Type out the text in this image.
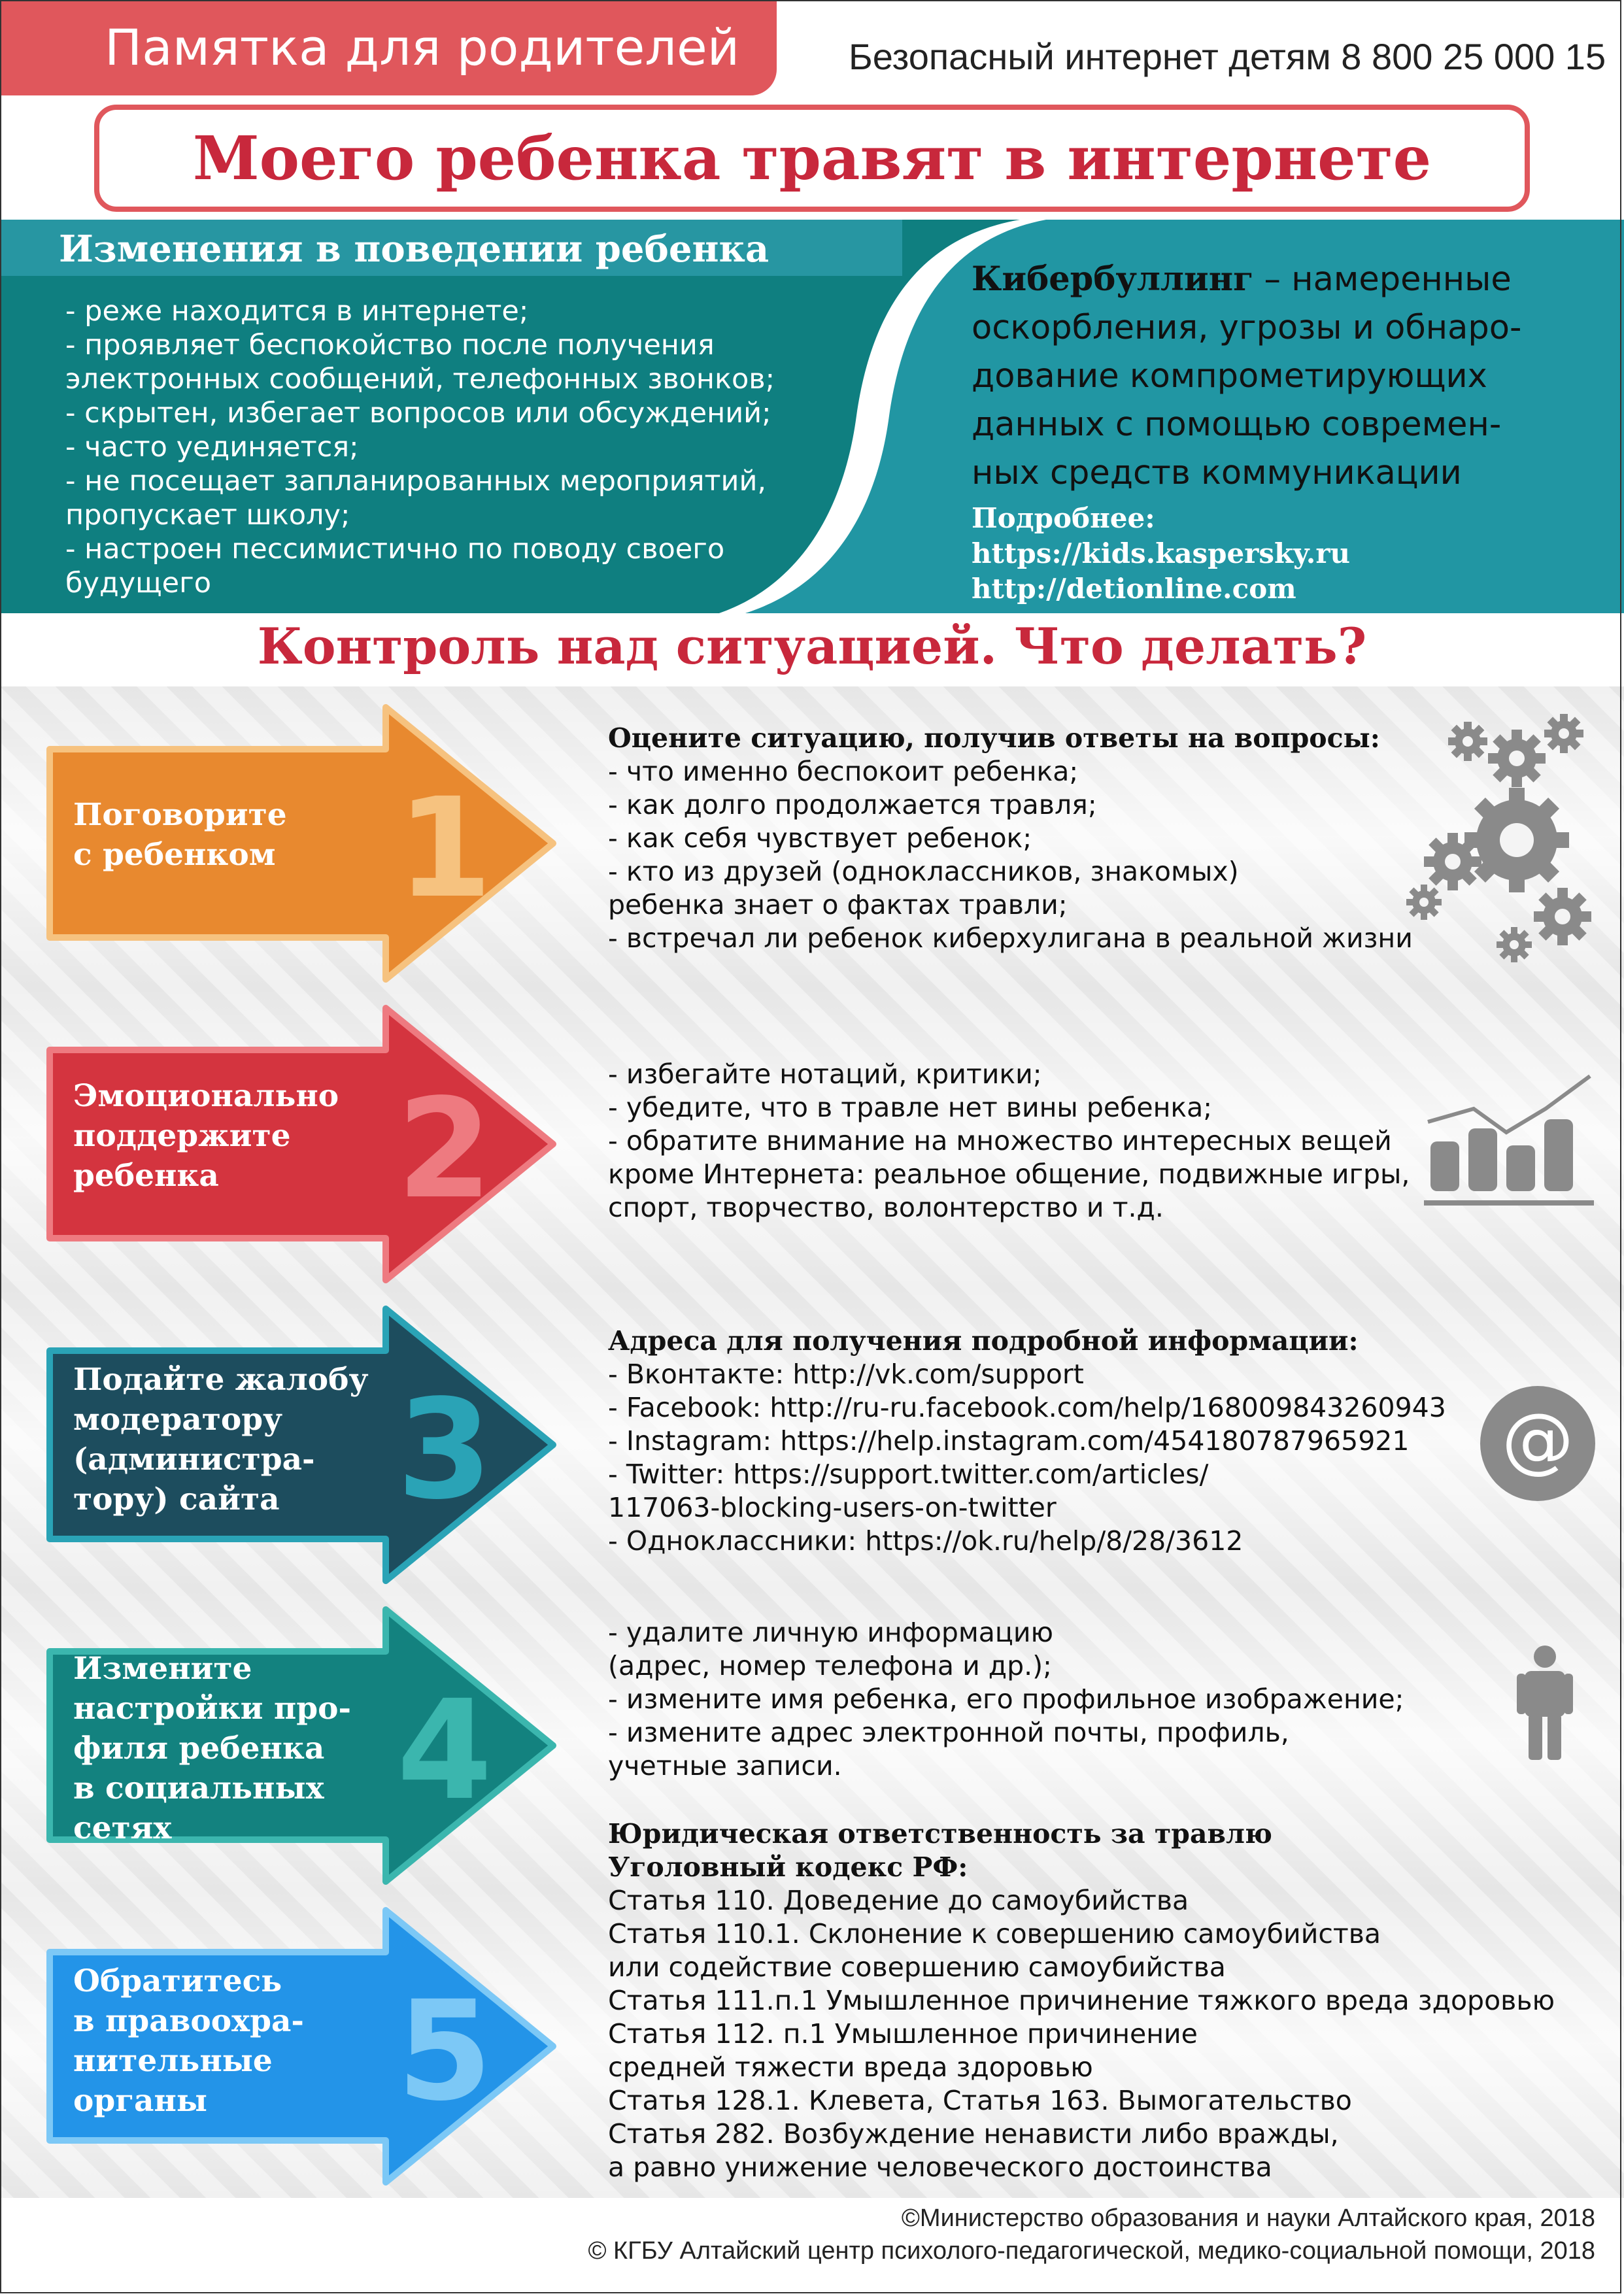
Памятка для родителей	Безопасный интернет детям 8 800 25 000 15
Моего ребенка травят в интернете
Изменения в поведении ребенка
- реже находится в интернете;
- проявляет беспокойство после получения
электронных сообщений, телефонных звонков;
- скрытен, избегает вопросов или обсуждений;
- часто уединяется;
- не посещает запланированных мероприятий,
пропускает школу;
- настроен пессимистично по поводу своего
будущего
Кибербуллинг – намеренные
оскорбления, угрозы и обнаро-
дование компрометирующих
данных с помощью современ-
ных средств коммуникации
Подробнее:
https://kids.kaspersky.ru
http://detionline.com
Контроль над ситуацией. Что делать?
1
Поговорите
с ребенком
Оцените ситуацию, получив ответы на вопросы:
- что именно беспокоит ребенка;
- как долго продолжается травля;
- как себя чувствует ребенок;
- кто из друзей (одноклассников, знакомых)
ребенка знает о фактах травли;
- встречал ли ребенок киберхулигана в реальной жизни
2
Эмоционально
поддержите
ребенка
- избегайте нотаций, критики;
- убедите, что в травле нет вины ребенка;
- обратите внимание на множество интересных вещей
кроме Интернета: реальное общение, подвижные игры,
спорт, творчество, волонтерство и т.д.
3
Подайте жалобу
модератору
(администра-
тору) сайта
Адреса для получения подробной информации:
- Вконтакте: http://vk.com/support
- Facebook: http://ru-ru.facebook.com/help/168009843260943
- Instagram: https://help.instagram.com/454180787965921
- Twitter: https://support.twitter.com/articles/
117063-blocking-users-on-twitter
- Одноклассники: https://ok.ru/help/8/28/3612
@
4
Измените
настройки про-
филя ребенка
в социальных
сетях
- удалите личную информацию
(адрес, номер телефона и др.);
- измените имя ребенка, его профильное изображение;
- измените адрес электронной почты, профиль,
учетные записи.
5
Обратитесь
в правоохра-
нительные
органы
Юридическая ответственность за травлю
Уголовный кодекс РФ:
Статья 110. Доведение до самоубийства
Статья 110.1. Склонение к совершению самоубийства
или содействие совершению самоубийства
Статья 111.п.1 Умышленное причинение тяжкого вреда здоровью
Статья 112. п.1 Умышленное причинение
средней тяжести вреда здоровью
Статья 128.1. Клевета, Статья 163. Вымогательство
Статья 282. Возбуждение ненависти либо вражды,
а равно унижение человеческого достоинства
©Министерство образования и науки Алтайского края, 2018
© КГБУ Алтайский центр психолого-педагогической, медико-социальной помощи, 2018
